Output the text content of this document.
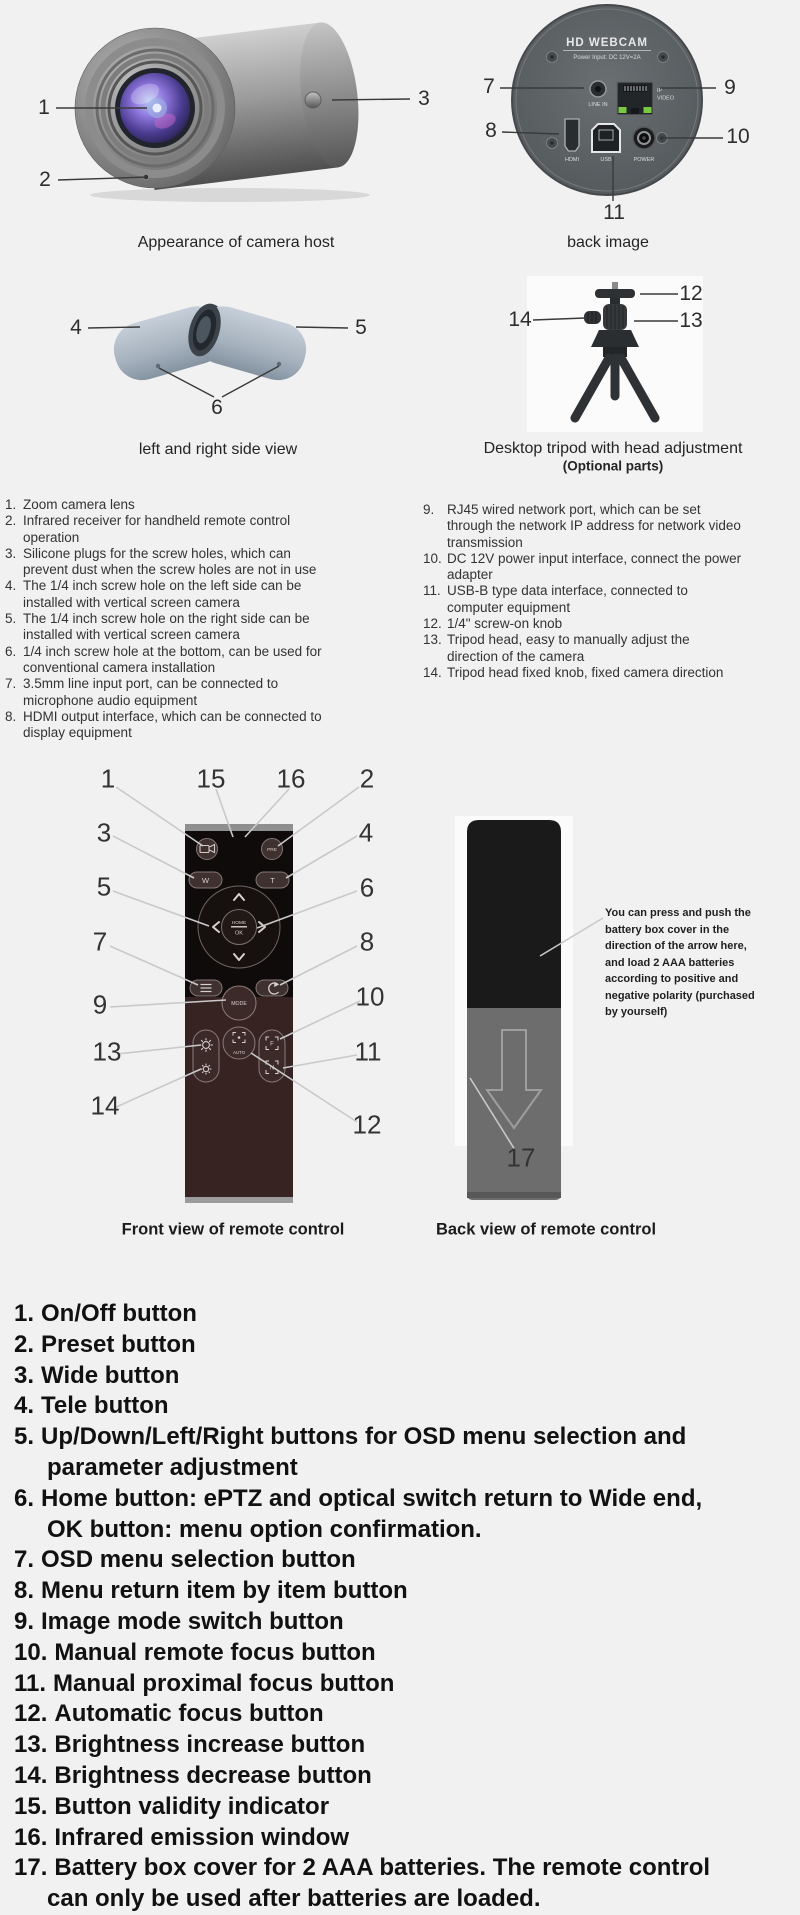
HD WEBCAM
Power Input: DC 12V=2A
LINE IN
IP
VIDEO
HDMI	USB	POWER
1
2
3
7
8
9
10
11
Appearance of camera host	back image
4	5
6
12
13
14
left and right side view	Desktop tripod with head adjustment
(Optional parts)
1. Zoom camera lens
2. Infrared receiver for handheld remote control
operation
3. Silicone plugs for the screw holes, which can
prevent dust when the screw holes are not in use
4. The 1/4 inch screw hole on the left side can be
installed with vertical screen camera
5. The 1/4 inch screw hole on the right side can be
installed with vertical screen camera
6. 1/4 inch screw hole at the bottom, can be used for
conventional camera installation
7. 3.5mm line input port, can be connected to
microphone audio equipment
8. HDMI output interface, which can be connected to
display equipment
9. RJ45 wired network port, which can be set
through the network IP address for network video
transmission
10. DC 12V power input interface, connect the power
adapter
11. USB-B type data interface, connected to
computer equipment
12. 1/4" screw-on knob
13. Tripod head, easy to manually adjust the
direction of the camera
14. Tripod head fixed knob, fixed camera direction
PRE
W	T
HOME
OK
MODE
AUTO
F
N
1	15 16 2
3	4
5	6
7	8
9	10
13	11
14
12
17
You can press and push the
battery box cover in the
direction of the arrow here,
and load 2 AAA batteries
according to positive and
negative polarity (purchased
by yourself)
Front view of remote control	Back view of remote control
1. On/Off button
2. Preset button
3. Wide button
4. Tele button
5. Up/Down/Left/Right buttons for OSD menu selection and
parameter adjustment
6. Home button: ePTZ and optical switch return to Wide end,
OK button: menu option confirmation.
7. OSD menu selection button
8. Menu return item by item button
9. Image mode switch button
10. Manual remote focus button
11. Manual proximal focus button
12. Automatic focus button
13. Brightness increase button
14. Brightness decrease button
15. Button validity indicator
16. Infrared emission window
17. Battery box cover for 2 AAA batteries. The remote control
can only be used after batteries are loaded.
